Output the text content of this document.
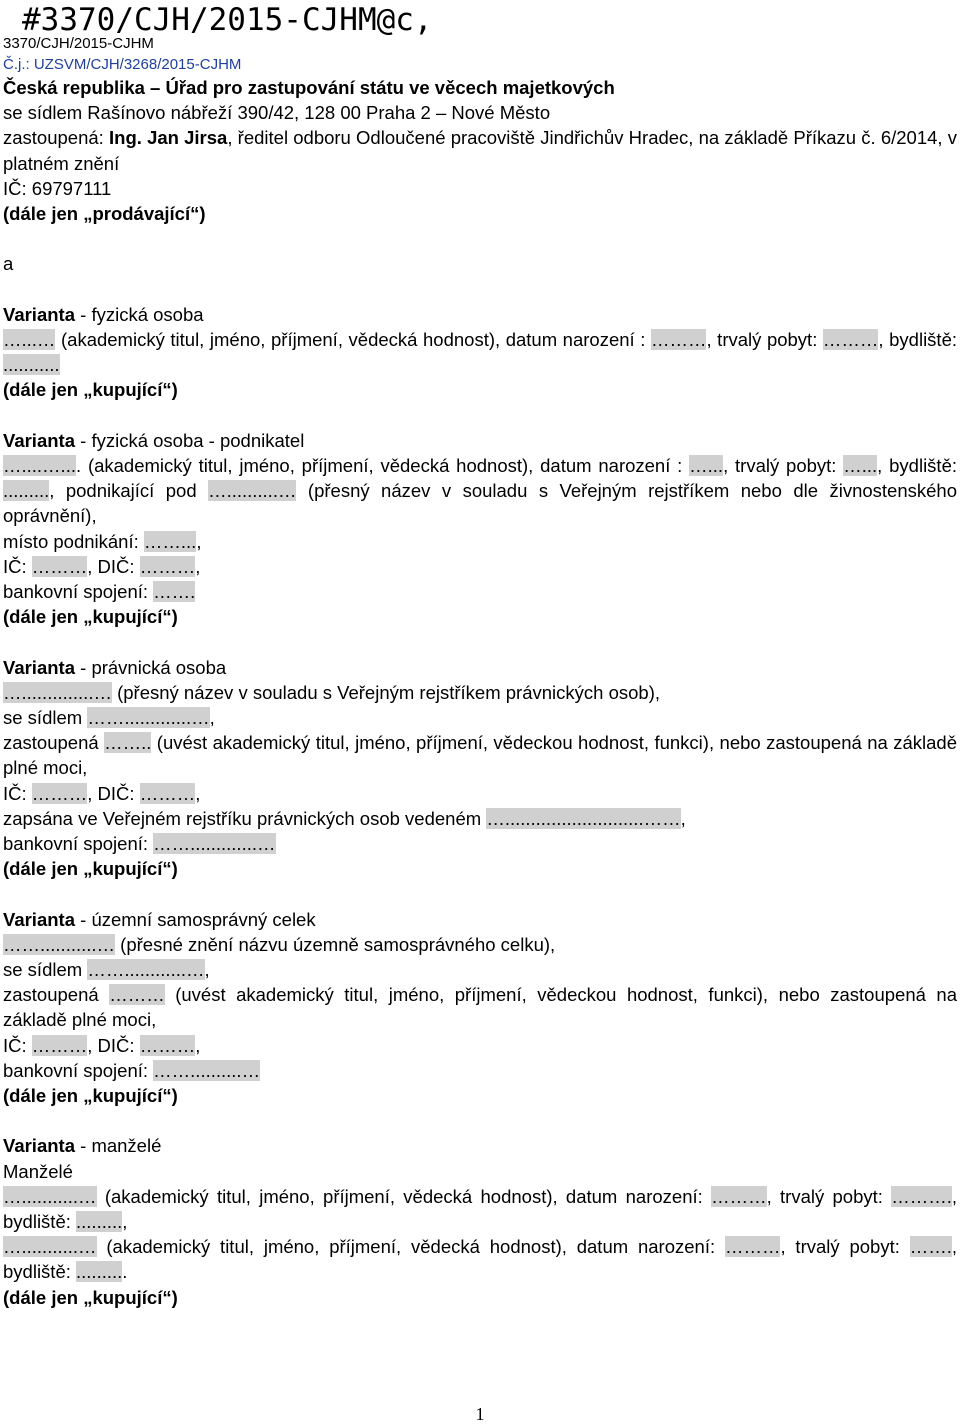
#3370/CJH/2015-CJHM@c,

3370/CJH/2015-CJHM

Č.j.: UZSVM/CJH/3268/2015-CJHM

Česká republika – Úřad pro zastupování státu ve věcech majetkových

se sídlem Rašínovo nábřeží 390/42, 128 00 Praha 2 – Nové Město

zastoupená: Ing. Jan Jirsa, ředitel odboru Odloučené pracoviště Jindřichův Hradec, na základě Příkazu č. 6/2014, v platném znění

IČ: 69797111

(dále jen „prodávající“)

a

Varianta - fyzická osoba

…...… (akademický titul, jméno, příjmení, vědecká hodnost), datum narození : ………, trvalý pobyt: ………, bydliště: ...........

(dále jen „kupující“)

Varianta - fyzická osoba - podnikatel

…....….... (akademický titul, jméno, příjmení, vědecká hodnost), datum narození : …..., trvalý pobyt: …..., bydliště: ........., podnikající pod …..........… (přesný název v souladu s Veřejným rejstříkem nebo dle živnostenského oprávnění),

místo podnikání: ……...,

IČ: ………, DIČ: ………,

bankovní spojení: …….

(dále jen „kupující“)

Varianta - právnická osoba

…..............… (přesný název v souladu s Veřejným rejstříkem právnických osob),

se sídlem …….............…,

zastoupená …….. (uvést akademický titul, jméno, příjmení, vědeckou hodnost, funkci), nebo zastoupená na základě plné moci,

IČ: ………, DIČ: ………,

zapsána ve Veřejném rejstříku právnických osob vedeném …...........................……,

bankovní spojení: …….............…

(dále jen „kupující“)

Varianta - územní samosprávný celek

……...........… (přesné znění názvu územně samosprávného celku),

se sídlem ……............…,

zastoupená ……… (uvést akademický titul, jméno, příjmení, vědeckou hodnost, funkci), nebo zastoupená na základě plné moci,

IČ: ………, DIČ: ………,

bankovní spojení: ……..........…

(dále jen „kupující“)

Varianta - manželé

Manželé

…...........… (akademický titul, jméno, příjmení, vědecká hodnost), datum narození: ………, trvalý pobyt: ………., bydliště: .........,

…...........… (akademický titul, jméno, příjmení, vědecká hodnost), datum narození: ………, trvalý pobyt: ……., bydliště: ..........

(dále jen „kupující“)

1
